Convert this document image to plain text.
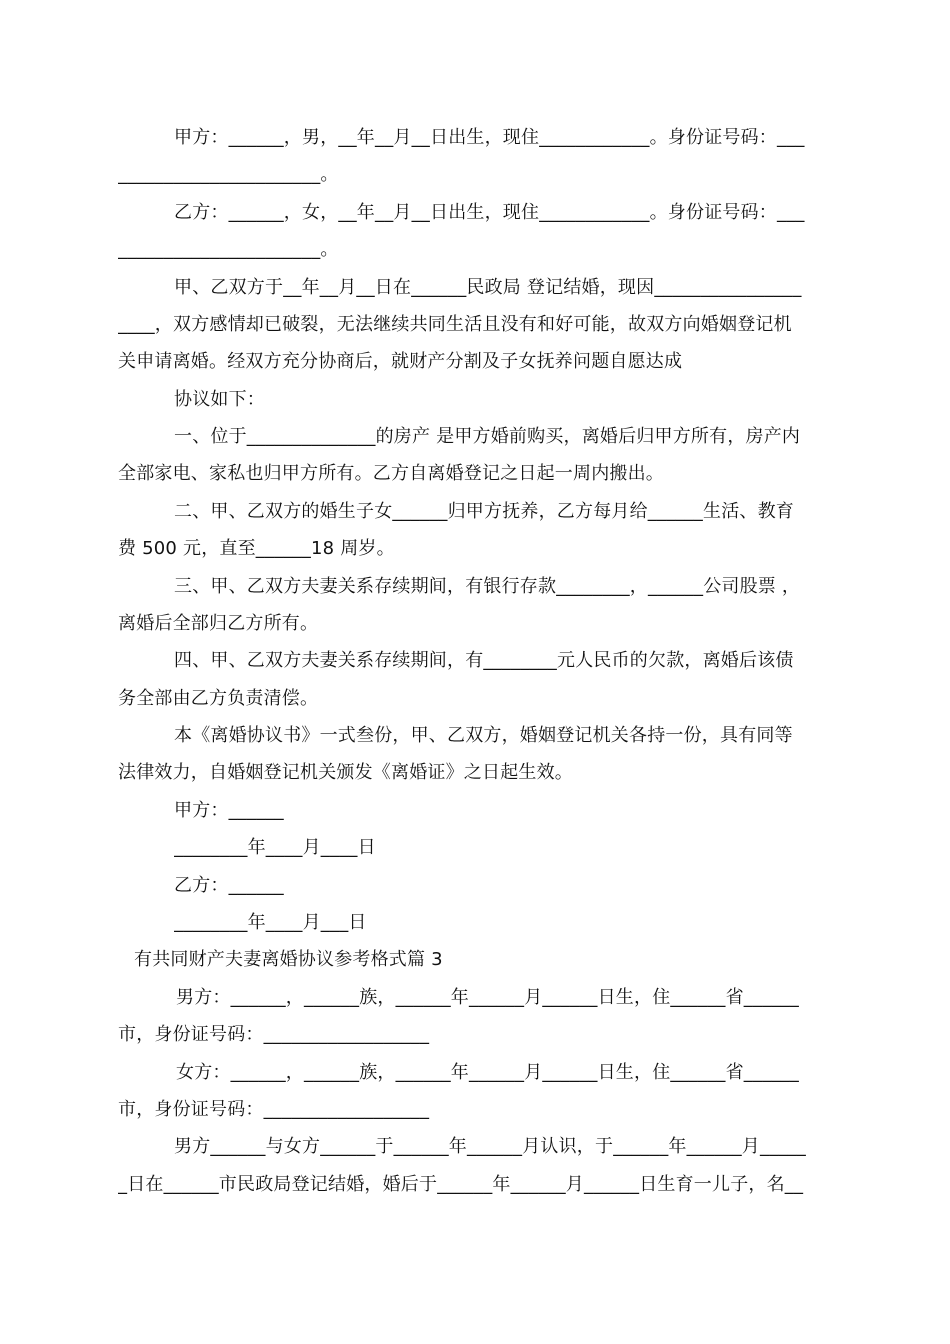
甲方：______，男，__年__月__日出生，现住____________。身份证号码：___
______________________。
乙方：______，女，__年__月__日出生，现住____________。身份证号码：___
______________________。
甲、乙双方于__年__月__日在______民政局 登记结婚，现因________________
____，双方感情却已破裂，无法继续共同生活且没有和好可能，故双方向婚姻登记机
关申请离婚。经双方充分协商后，就财产分割及子女抚养问题自愿达成
协议如下：
一、位于______________的房产 是甲方婚前购买，离婚后归甲方所有，房产内
全部家电、家私也归甲方所有。乙方自离婚登记之日起一周内搬出。
二、甲、乙双方的婚生子女______归甲方抚养，乙方每月给______生活、教育
费 500 元，直至______18 周岁。
三、甲、乙双方夫妻关系存续期间，有银行存款________，______公司股票 ，
离婚后全部归乙方所有。
四、甲、乙双方夫妻关系存续期间，有________元人民币的欠款，离婚后该债
务全部由乙方负责清偿。
本《离婚协议书》一式叁份，甲、乙双方，婚姻登记机关各持一份，具有同等
法律效力，自婚姻登记机关颁发《离婚证》之日起生效。
甲方：______
________年____月____日
乙方：______
________年____月___日
有共同财产夫妻离婚协议参考格式篇 3
男方：______，______族，______年______月______日生，住______省______
市，身份证号码：__________________
女方：______，______族，______年______月______日生，住______省______
市，身份证号码：__________________
男方______与女方______于______年______月认识，于______年______月_____
_日在______市民政局登记结婚，婚后于______年______月______日生育一儿子，名__
